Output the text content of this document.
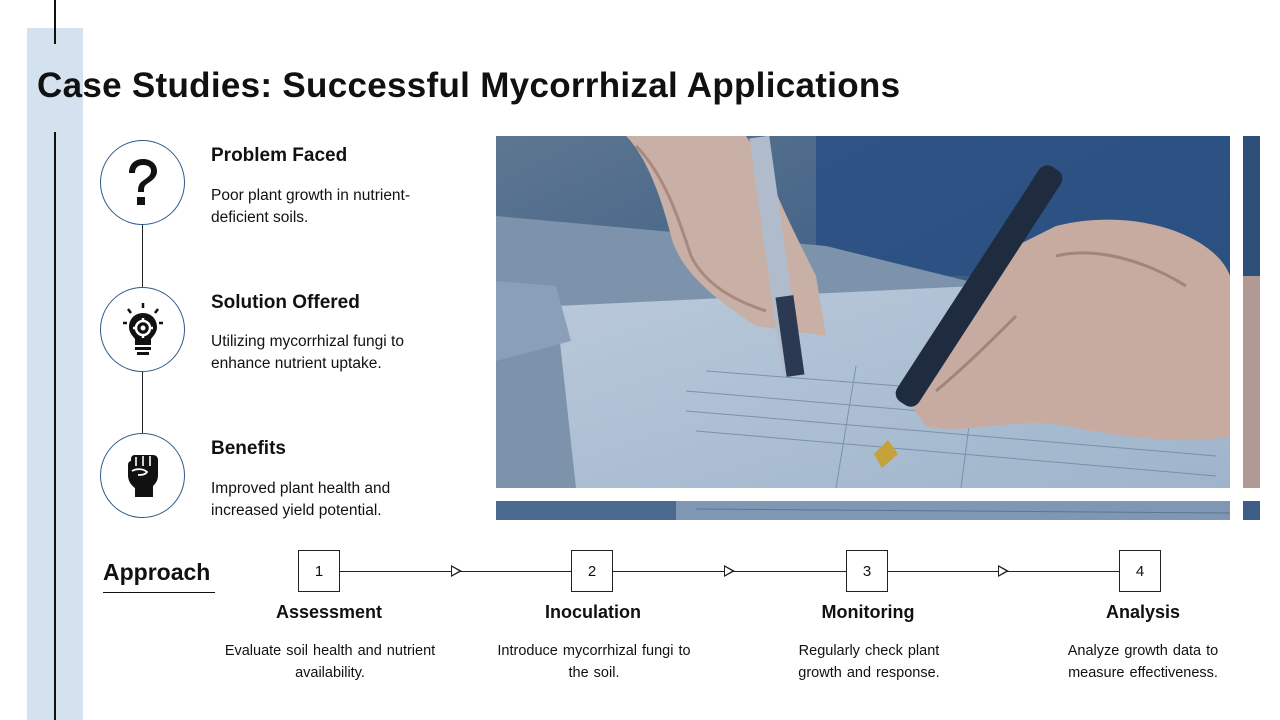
Case Studies: Successful Mycorrhizal Applications
Problem Faced

Poor plant growth in nutrient-deficient soils.

Solution Offered

Utilizing mycorrhizal fungi to enhance nutrient uptake.

Benefits

Improved plant health and increased yield potential.

Approach	1	2	3	4
Assessment	Inoculation	Monitoring	Analysis

Evaluate soil health and nutrient availability.

Introduce mycorrhizal fungi to the soil.

Regularly check plant growth and response.

Analyze growth data to measure effectiveness.
